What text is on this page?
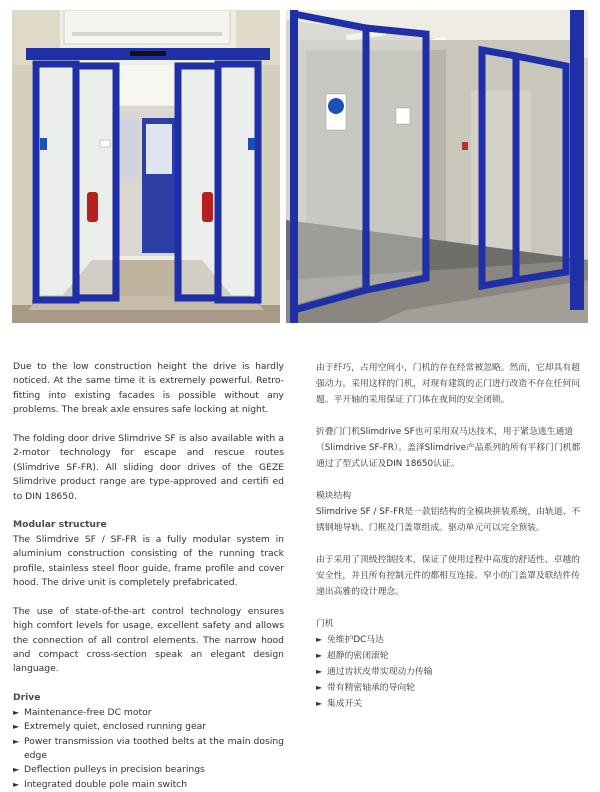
Due to the low construction height the drive is hardly noticed. At the same time it is extremely powerful. Retro-fitting into existing facades is possible without any problems. The break axle ensures safe locking at night.

The folding door drive Slimdrive SF is also available with a 2-motor technology for escape and rescue routes (Slimdrive SF-FR). All sliding door drives of the GEZE Slimdrive product range are type-approved and certifi ed to DIN 18650.

Modular structure

The Slimdrive SF / SF-FR is a fully modular system in aluminium construction consisting of the running track profile, stainless steel floor guide, frame profile and cover hood. The drive unit is completely prefabricated.

The use of state-of-the-art control technology ensures high comfort levels for usage, excellent safety and allows the connection of all control elements. The narrow hood and compact cross-section speak an elegant design language.

Drive

► Maintenance-free DC motor
► Extremely quiet, enclosed running gear
► Power transmission via toothed belts at the main dosing edge
► Deflection pulleys in precision bearings
► Integrated double pole main switch

由于纤巧，占用空间小，门机的存在经常被忽略。然而，它却具有超强动力。采用这样的门机，对现有建筑的正门进行改造不存在任何问题。平开轴的采用保证了门体在夜间的安全闭锁。

折叠门门机Slimdrive SF也可采用双马达技术，用于紧急逃生通道（Slimdrive SF-FR）。盖泽Slimdrive产品系列的所有平移门门机都通过了型式认证及DIN 18650认证。

模块结构

Slimdrive SF / SF-FR是一款铝结构的全模块拼装系统，由轨道、不锈钢地导轨、门框及门盖罩组成。驱动单元可以完全预装。

由于采用了顶级控制技术，保证了使用过程中高度的舒适性、卓越的安全性，并且所有控制元件的都相互连接。窄小的门盖罩及联结件传递出高雅的设计理念。

门机

► 免维护DC马达
► 超静的密闭滚轮
► 通过齿状皮带实现动力传输
► 带有精密轴承的导向轮
► 集成开关
